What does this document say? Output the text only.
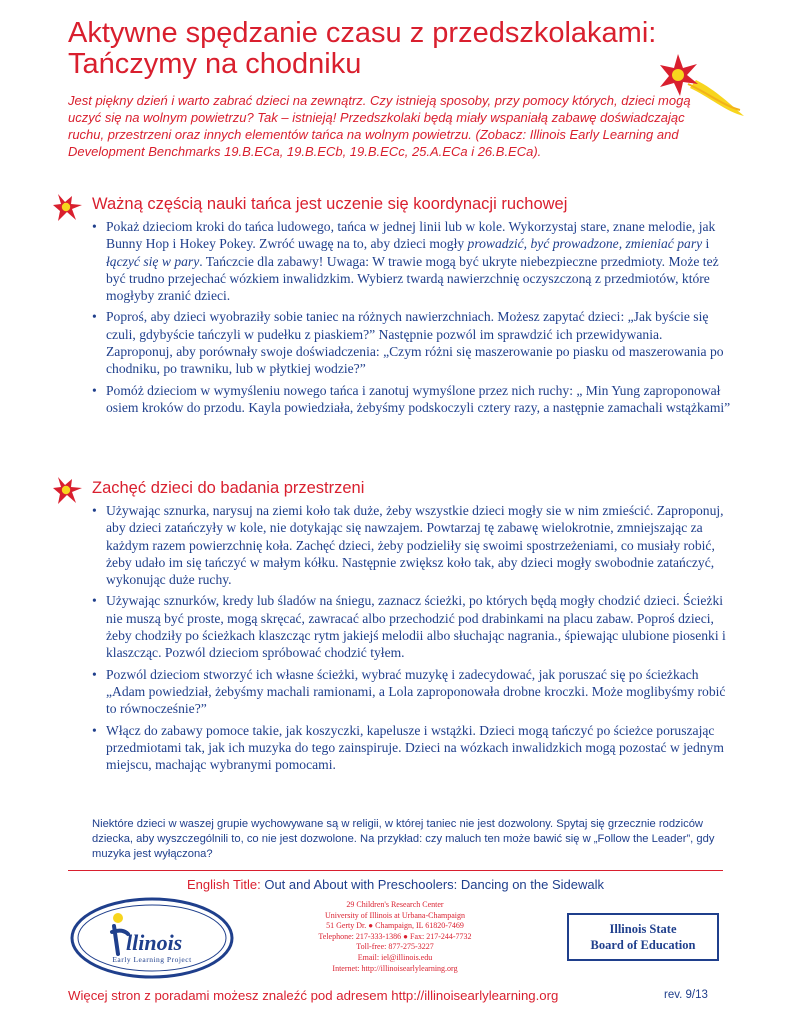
Aktywne spędzanie czasu z przedszkolakami:
Tańczymy na chodniku
Jest piękny dzień i warto zabrać dzieci na zewnątrz. Czy istnieją sposoby, przy pomocy których, dzieci mogą uczyć się na wolnym powietrzu? Tak – istnieją! Przedszkolaki będą miały wspaniałą zabawę doświadczając ruchu, przestrzeni oraz innych elementów tańca na wolnym powietrzu. (Zobacz: Illinois Early Learning and Development Benchmarks 19.B.ECa, 19.B.ECb, 19.B.ECc, 25.A.ECa i 26.B.ECa).
Ważną częścią nauki tańca jest uczenie się koordynacji ruchowej
• Pokaż dzieciom kroki do tańca ludowego, tańca w jednej linii lub w kole. Wykorzystaj stare, znane melodie, jak Bunny Hop i Hokey Pokey. Zwróć uwagę na to, aby dzieci mogły prowadzić, być prowadzone, zmieniać pary i łączyć się w pary. Tańczcie dla zabawy! Uwaga: W trawie mogą być ukryte niebezpieczne przedmioty. Może też być trudno przejechać wózkiem inwalidzkim. Wybierz twardą nawierzchnię oczyszczoną z przedmiotów, które mogłyby zranić dzieci.
• Poproś, aby dzieci wyobraziły sobie taniec na różnych nawierzchniach. Możesz zapytać dzieci: „Jak byście się czuli, gdybyście tańczyli w pudełku z piaskiem?” Następnie pozwól im sprawdzić ich przewidywania. Zaproponuj, aby porównały swoje doświadczenia: „Czym różni się maszerowanie po piasku od maszerowania po chodniku, po trawniku, lub w płytkiej wodzie?”
• Pomóż dzieciom w wymyśleniu nowego tańca i zanotuj wymyślone przez nich ruchy: „ Min Yung zaproponował osiem kroków do przodu. Kayla powiedziała, żebyśmy podskoczyli cztery razy, a następnie zamachali wstążkami”
Zachęć dzieci do badania przestrzeni
• Używając sznurka, narysuj na ziemi koło tak duże, żeby wszystkie dzieci mogły sie w nim zmieścić. Zaproponuj, aby dzieci zatańczyły w kole, nie dotykając się nawzajem. Powtarzaj tę zabawę wielokrotnie, zmniejszając za każdym razem powierzchnię koła. Zachęć dzieci, żeby podzieliły się swoimi spostrzeżeniami, co musiały robić, żeby udało im się tańczyć w małym kółku. Następnie zwiększ koło tak, aby dzieci mogły swobodnie zatańczyć, wykonując duże ruchy.
• Używając sznurków, kredy lub śladów na śniegu, zaznacz ścieżki, po których będą mogły chodzić dzieci. Ścieżki nie muszą być proste, mogą skręcać, zawracać albo przechodzić pod drabinkami na placu zabaw. Poproś dzieci, żeby chodziły po ścieżkach klaszcząc rytm jakiejś melodii albo słuchając nagrania., śpiewając ulubione piosenki i klaszcząc. Pozwól dzieciom spróbować chodzić tyłem.
• Pozwól dzieciom stworzyć ich własne ścieżki, wybrać muzykę i zadecydować, jak poruszać się po ścieżkach „Adam powiedział, żebyśmy machali ramionami, a Lola zaproponowała drobne kroczki. Może moglibyśmy robić to równocześnie?”
• Włącz do zabawy pomoce takie, jak koszyczki, kapelusze i wstążki. Dzieci mogą tańczyć po ścieżce poruszając przedmiotami tak, jak ich muzyka do tego zainspiruje. Dzieci na wózkach inwalidzkich mogą pozostać w jednym miejscu, machając wybranymi pomocami.
Niektóre dzieci w waszej grupie wychowywane są w religii, w której taniec nie jest dozwolony. Spytaj się grzecznie rodziców dziecka, aby wyszczególnili to, co nie jest dozwolone. Na przykład: czy maluch ten może bawić się w „Follow the Leader”, gdy muzyka jest wyłączona?
English Title: Out and About with Preschoolers: Dancing on the Sidewalk
llinois
Early Learning Project
29 Children's Research Center
University of Illinois at Urbana-Champaign
51 Gerty Dr. ● Champaign, IL 61820-7469
Telephone: 217-333-1386 ● Fax: 217-244-7732
Toll-free: 877-275-3227
Email: iel@illinois.edu
Internet: http://illinoisearlylearning.org
Illinois State
Board of Education
Więcej stron z poradami możesz znaleźć pod adresem http://illinoisearlylearning.org	rev. 9/13
